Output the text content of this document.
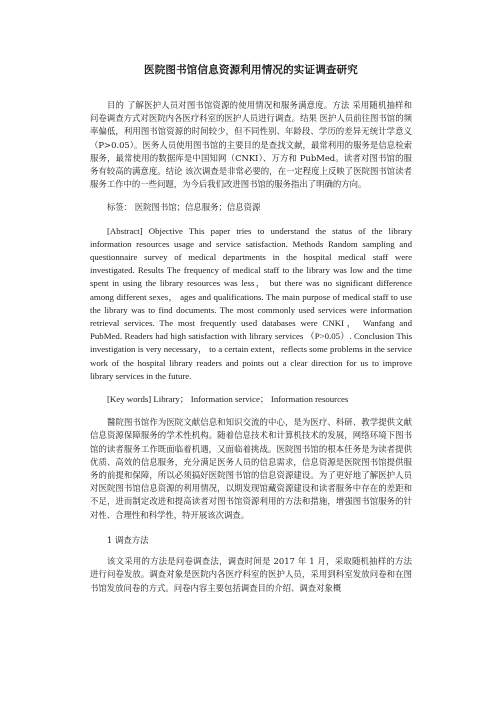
医院图书馆信息资源利用情况的实证调查研究

目的 了解医护人员对图书馆资源的使用情况和服务满意度。方法 采用随机抽样和问卷调查方式对医院内各医疗科室的医护人员进行调查。结果 医护人员前往图书馆的频率偏低，利用图书馆资源的时间较少，但不同性别、年龄段、学历的差异无统计学意义（P>0.05）。医务人员使用图书馆的主要目的是查找文献，最常利用的服务是信息检索服务，最常使用的数据库是中国知网（CNKI）、万方和 PubMed。读者对图书馆的服务有较高的满意度。结论 该次调查是非常必要的，在一定程度上反映了医院图书馆读者服务工作中的一些问题，为今后我们改进图书馆的服务指出了明确的方向。

标签： 医院图书馆；信息服务；信息资源

[Abstract] Objective This paper tries to understand the status of the library information resources usage and service satisfaction. Methods Random sampling and questionnaire survey of medical departments in the hospital medical staff were investigated. Results The frequency of medical staff to the library was low and the time spent in using the library resources was less， but there was no significant difference among different sexes， ages and qualifications. The main purpose of medical staff to use the library was to find documents. The most commonly used services were information retrieval services. The most frequently used databases were CNKI， Wanfang and PubMed. Readers had high satisfaction with library services （P>0.05）. Conclusion This investigation is very necessary， to a certain extent，reflects some problems in the service work of the hospital library readers and points out a clear direction for us to improve library services in the future.

[Key words] Library； Information service； Information resources

醫院图书馆作为医院文献信息和知识交流的中心，是为医疗、科研、教学提供文献信息资源保障服务的学术性机构。随着信息技术和计算机技术的发展，网络环境下图书馆的读者服务工作既面临着机遇，又面临着挑战。医院图书馆的根本任务是为读者提供优质、高效的信息服务，充分满足医务人员的信息需求，信息资源是医院图书馆提供服务的前提和保障，所以必须搞好医院图书馆的信息资源建设。为了更好地了解医护人员对医院图书馆信息资源的利用情况，以期发现馆藏资源建设和读者服务中存在的差距和不足，进而制定改进和提高读者对图书馆资源利用的方法和措施，增强图书馆服务的针对性、合理性和科学性，特开展该次调查。

1 调查方法

该文采用的方法是问卷调查法，调查时间是 2017 年 1 月，采取随机抽样的方法进行问卷发放。调查对象是医院内各医疗科室的医护人员，采用到科室发放问卷和在图书馆发放问卷的方式。问卷内容主要包括调查目的介绍、调查对象概
